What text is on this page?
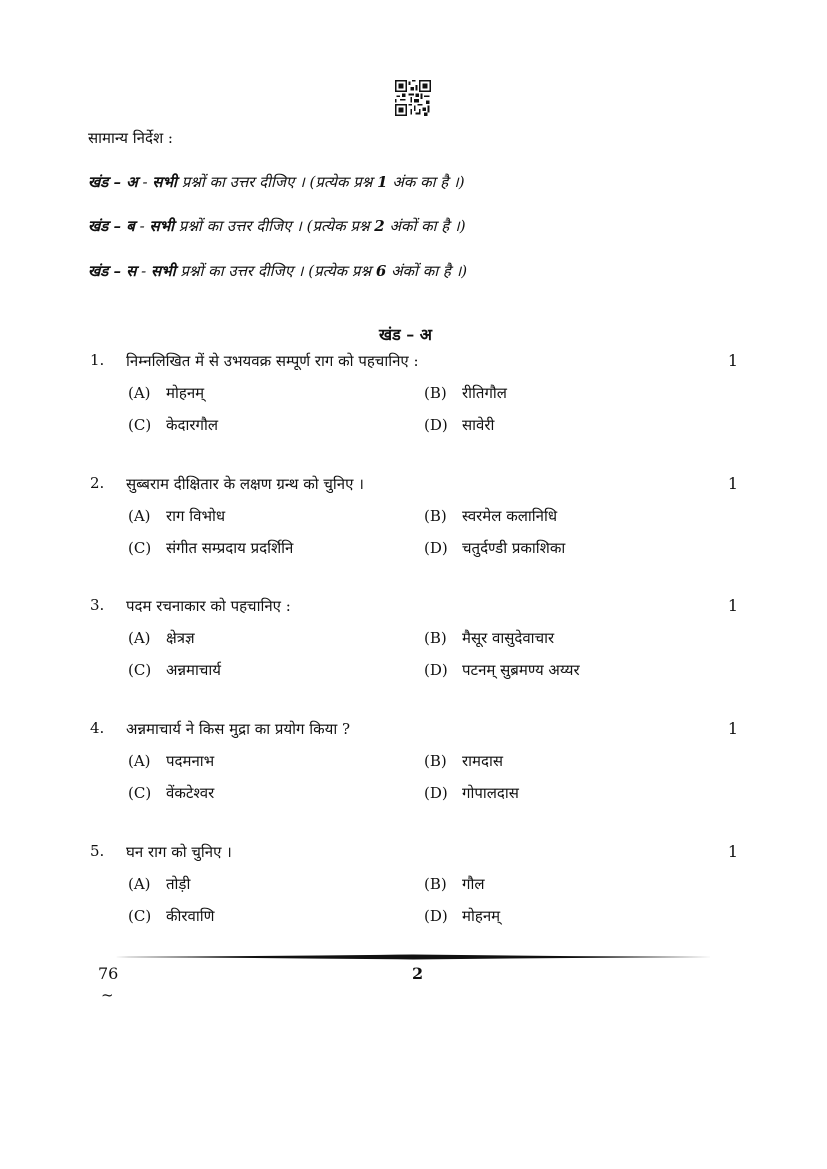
सामान्य निर्देश :
खंड – अ - सभी प्रश्नों का उत्तर दीजिए । (प्रत्येक प्रश्न 1 अंक का है ।)
खंड – ब - सभी प्रश्नों का उत्तर दीजिए । (प्रत्येक प्रश्न 2 अंकों का है ।)
खंड – स - सभी प्रश्नों का उत्तर दीजिए । (प्रत्येक प्रश्न 6 अंकों का है ।)
खंड – अ
1. निम्नलिखित में से उभयवक्र सम्पूर्ण राग को पहचानिए :	1
(A) मोहनम्	(B) रीतिगौल
(C) केदारगौल	(D) सावेरी
2. सुब्बराम दीक्षितार के लक्षण ग्रन्थ को चुनिए ।	1
(A) राग विभोध	(B) स्वरमेल कलानिधि
(C) संगीत सम्प्रदाय प्रदर्शिनि	(D) चतुर्दण्डी प्रकाशिका
3. पदम रचनाकार को पहचानिए :	1
(A) क्षेत्रज्ञ	(B) मैसूर वासुदेवाचार
(C) अन्नमाचार्य	(D) पटनम् सुब्रमण्य अय्यर
4. अन्नमाचार्य ने किस मुद्रा का प्रयोग किया ?	1
(A) पदमनाभ	(B) रामदास
(C) वेंकटेश्वर	(D) गोपालदास
5. घन राग को चुनिए ।	1
(A) तोड़ी	(B) गौल
(C) कीरवाणि	(D) मोहनम्
76	2
~
